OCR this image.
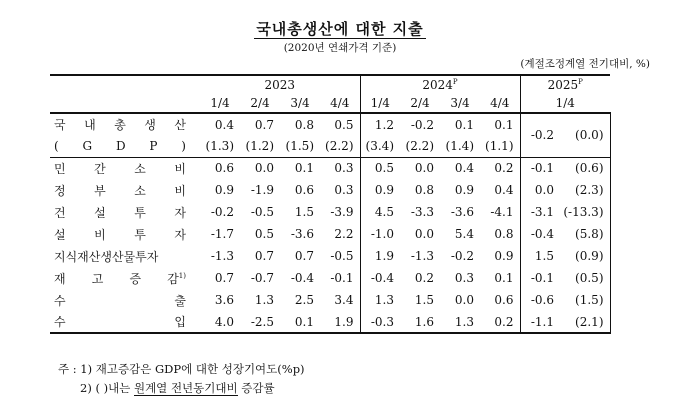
국내총생산에 대한 지출
(2020년 연쇄가격 기준)
(계절조정계열 전기대비, %)
	2023				$2024^P$				$2025^P$
	1/4	2/4	3/4	4/4	1/4	2/4	3/4	4/4	1/4	

국 내 총 생 산	0.4	0.7	0.8	0.5	1.2	-0.2	0.1	0.1	-0.2	(0.0)

( G D P )	(1.3)	(1.2)	(1.5)	(2.2)	(3.4)	(2.2)	(1.4)	(1.1)		

민 간 소 비	0.6	0.0	0.1	0.3	0.5	0.0	0.4	0.2	-0.1	(0.6)

정 부 소 비	0.9	-1.9	0.6	0.3	0.9	0.8	0.9	0.4	0.0	(2.3)

건 설 투 자	-0.2	-0.5	1.5	-3.9	4.5	-3.3	-3.6	-4.1	-3.1	(-13.3)

설 비 투 자	-1.7	0.5	-3.6	2.2	-1.0	0.0	5.4	0.8	-0.4	(5.8)

지식재산생산물투자	-1.3	0.7	0.7	-0.5	1.9	-1.3	-0.2	0.9	1.5	(0.9)

재 고 증 감$^{1)}$	0.7	-0.7	-0.4	-0.1	-0.4	0.2	0.3	0.1	-0.1	(0.5)

수 출	3.6	1.3	2.5	3.4	1.3	1.5	0.0	0.6	-0.6	(1.5)

수 입	4.0	-2.5	0.1	1.9	-0.3	1.6	1.3	0.2	-1.1	(2.1)
주 : 1) 재고증감은 GDP에 대한 성장기여도(%p)
2) ( )내는 원계열 전년동기대비 증감률
